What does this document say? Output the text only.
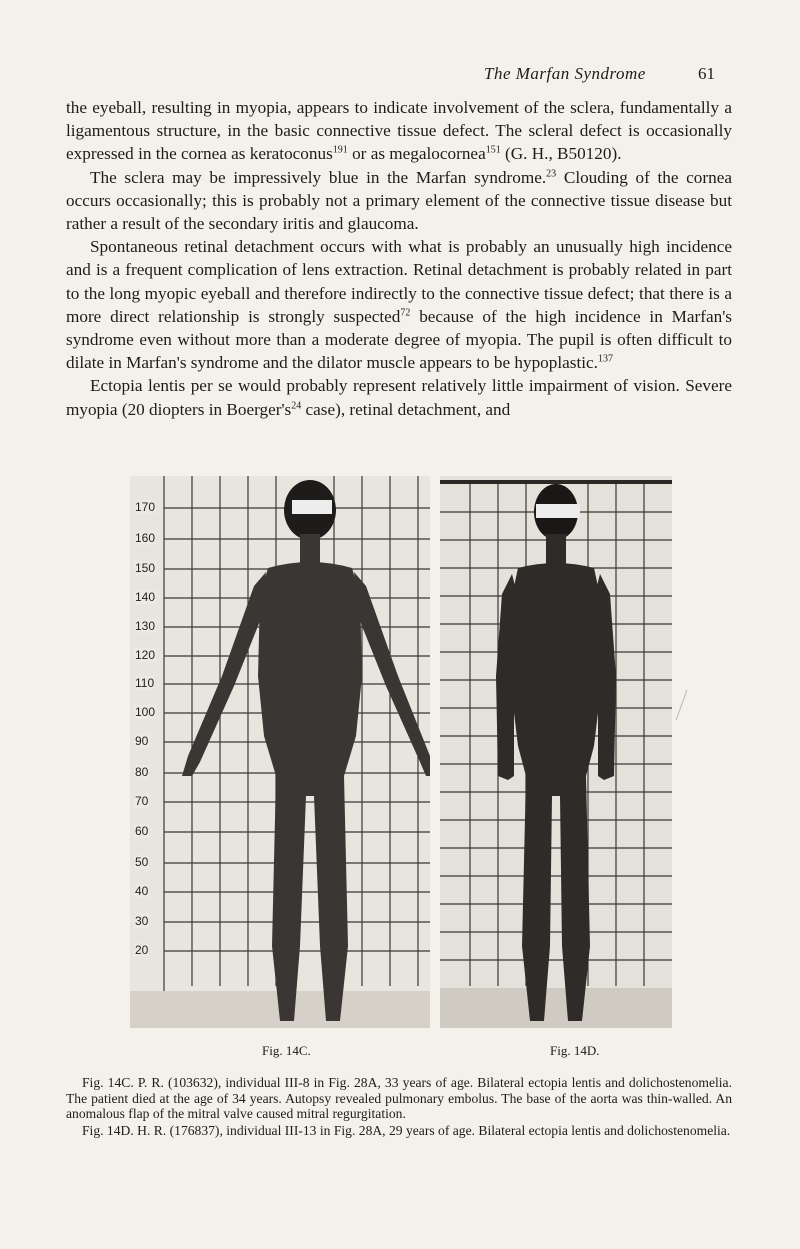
The Marfan Syndrome	61

the eyeball, resulting in myopia, appears to indicate involvement of the sclera, fundamentally a ligamentous structure, in the basic connective tissue defect. The scleral defect is occasionally expressed in the cornea as keratoconus$^{191}$ or as megalocornea$^{151}$ (G. H., B50120).

The sclera may be impressively blue in the Marfan syndrome.$^{23}$ Clouding of the cornea occurs occasionally; this is probably not a primary element of the connective tissue disease but rather a result of the secondary iritis and glaucoma.

Spontaneous retinal detachment occurs with what is probably an unusually high incidence and is a frequent complication of lens extraction. Retinal detachment is probably related in part to the long myopic eyeball and therefore indirectly to the connective tissue defect; that there is a more direct relationship is strongly suspected$^{72}$ because of the high incidence in Marfan's syndrome even without more than a moderate degree of myopia. The pupil is often difficult to dilate in Marfan's syndrome and the dilator muscle appears to be hypoplastic.$^{137}$

Ectopia lentis per se would probably represent relatively little impairment of vision. Severe myopia (20 diopters in $Boerger's^{24}$ case), retinal detachment, and

170
160
150
140
130
120
110
100
90
80
70
60
50
40
30
20
Fig. 14C.	Fig. 14D.

Fig. 14C. P. R. (103632), individual III-8 in Fig. 28A, 33 years of age. Bilateral ectopia lentis and dolichostenomelia. The patient died at the age of 34 years. Autopsy revealed pulmonary embolus. The base of the aorta was thin-walled. An anomalous flap of the mitral valve caused mitral regurgitation.

Fig. 14D. H. R. (176837), individual III-13 in Fig. 28A, 29 years of age. Bilateral ectopia lentis and dolichostenomelia.
